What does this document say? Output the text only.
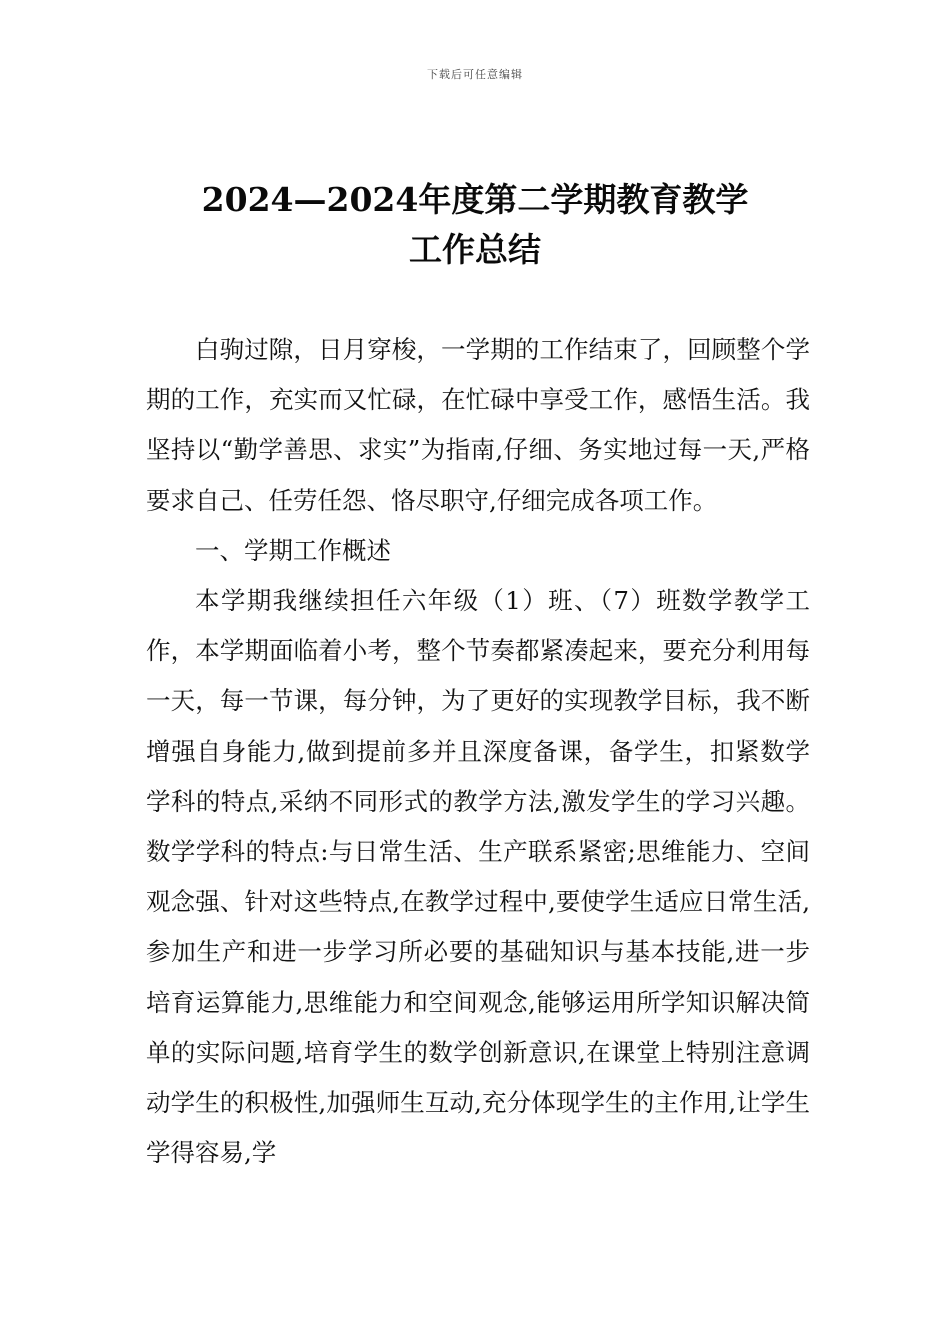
下载后可任意编辑
2024—2024年度第二学期教育教学
工作总结

白驹过隙，日月穿梭，一学期的工作结束了，回顾整个学期的工作，充实而又忙碌，在忙碌中享受工作，感悟生活。我坚持以“勤学善思、求实”为指南,仔细、务实地过每一天,严格要求自己、任劳任怨、恪尽职守,仔细完成各项工作。

一、学期工作概述

本学期我继续担任六年级（1）班、（7）班数学教学工作，本学期面临着小考，整个节奏都紧凑起来，要充分利用每一天，每一节课，每分钟，为了更好的实现教学目标，我不断增强自身能力,做到提前多并且深度备课，备学生，扣紧数学学科的特点,采纳不同形式的教学方法,激发学生的学习兴趣。数学学科的特点:与日常生活、生产联系紧密;思维能力、空间观念强、针对这些特点,在教学过程中,要使学生适应日常生活,参加生产和进一步学习所必要的基础知识与基本技能,进一步培育运算能力,思维能力和空间观念,能够运用所学知识解决简单的实际问题,培育学生的数学创新意识,在课堂上特别注意调动学生的积极性,加强师生互动,充分体现学生的主作用,让学生学得容易,学
